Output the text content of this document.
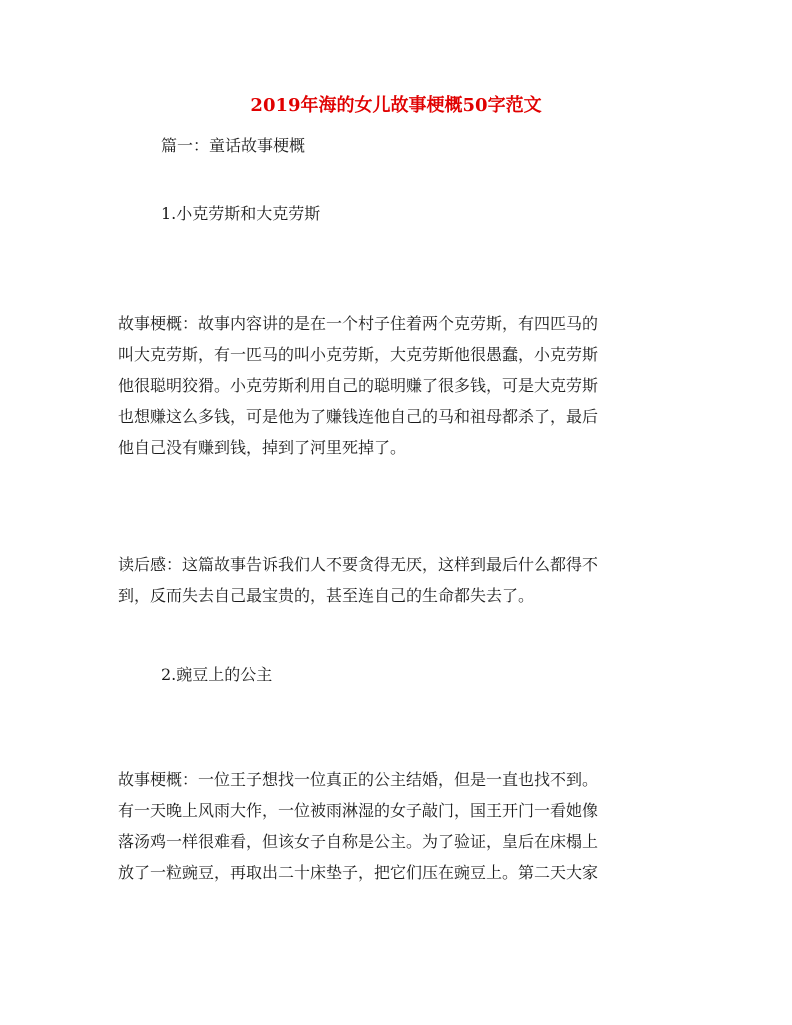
2019年海的女儿故事梗概50字范文

篇一：童话故事梗概

1.小克劳斯和大克劳斯

故事梗概：故事内容讲的是在一个村子住着两个克劳斯，有四匹马的

叫大克劳斯，有一匹马的叫小克劳斯，大克劳斯他很愚蠢，小克劳斯

他很聪明狡猾。小克劳斯利用自己的聪明赚了很多钱，可是大克劳斯

也想赚这么多钱，可是他为了赚钱连他自己的马和祖母都杀了，最后

他自己没有赚到钱，掉到了河里死掉了。

读后感：这篇故事告诉我们人不要贪得无厌，这样到最后什么都得不

到，反而失去自己最宝贵的，甚至连自己的生命都失去了。

2.豌豆上的公主

故事梗概：一位王子想找一位真正的公主结婚，但是一直也找不到。

有一天晚上风雨大作，一位被雨淋湿的女子敲门，国王开门一看她像

落汤鸡一样很难看，但该女子自称是公主。为了验证，皇后在床榻上

放了一粒豌豆，再取出二十床垫子，把它们压在豌豆上。第二天大家
